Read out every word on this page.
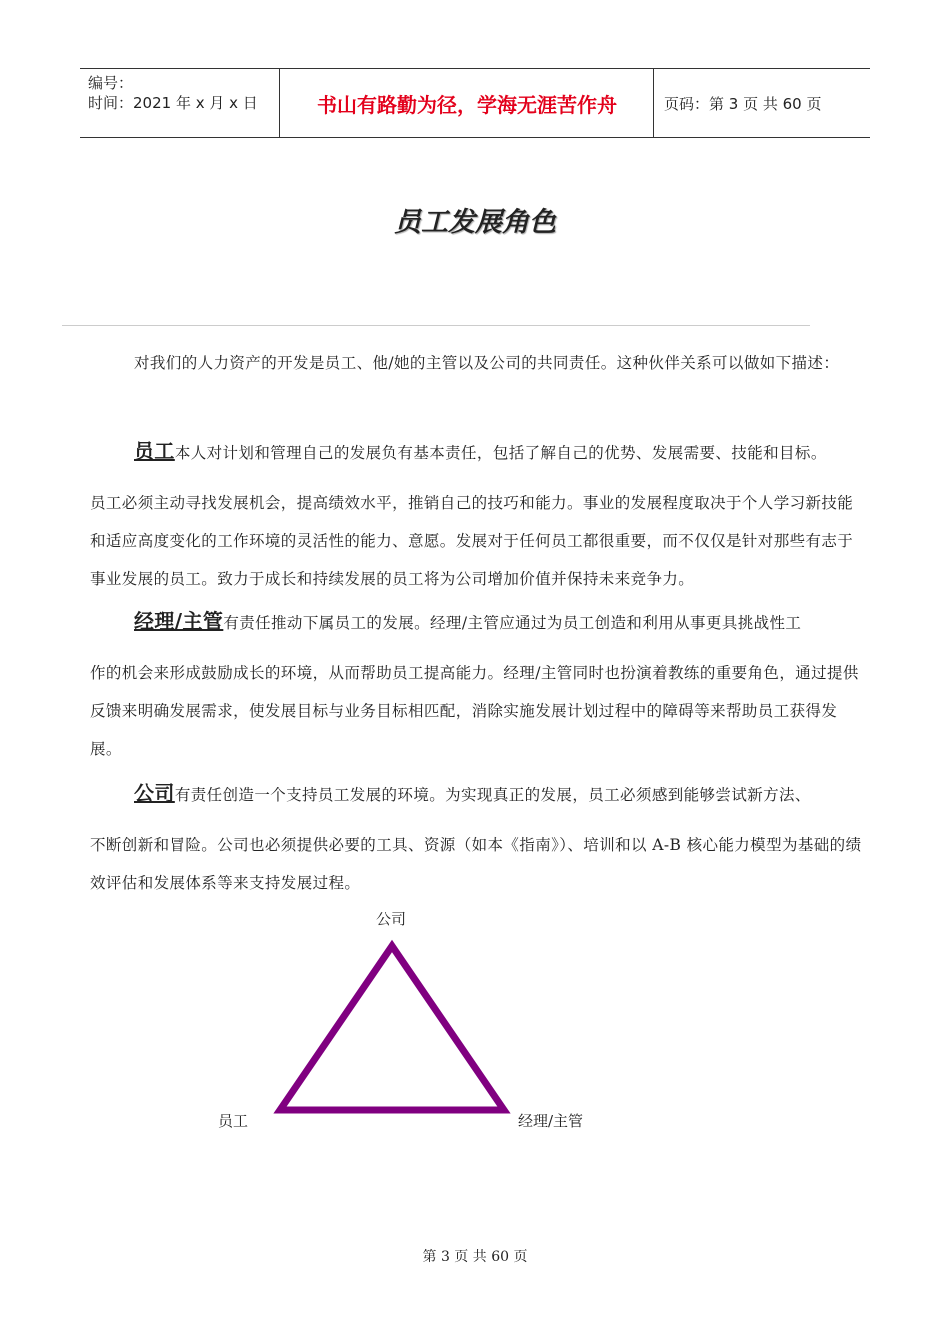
编号：
时间：2021 年 x 月 x 日	书山有路勤为径，学海无涯苦作舟	页码：第 3 页 共 60 页
员工发展角色
对我们的人力资产的开发是员工、他/她的主管以及公司的共同责任。这种伙伴关系可以做如下描述：
员工本人对计划和管理自己的发展负有基本责任，包括了解自己的优势、发展需要、技能和目标。
员工必须主动寻找发展机会，提高绩效水平，推销自己的技巧和能力。事业的发展程度取决于个人学习新技能和适应高度变化的工作环境的灵活性的能力、意愿。发展对于任何员工都很重要，而不仅仅是针对那些有志于事业发展的员工。致力于成长和持续发展的员工将为公司增加价值并保持未来竞争力。
经理/主管有责任推动下属员工的发展。经理/主管应通过为员工创造和利用从事更具挑战性工
作的机会来形成鼓励成长的环境，从而帮助员工提高能力。经理/主管同时也扮演着教练的重要角色，通过提供反馈来明确发展需求，使发展目标与业务目标相匹配，消除实施发展计划过程中的障碍等来帮助员工获得发展。
公司有责任创造一个支持员工发展的环境。为实现真正的发展，员工必须感到能够尝试新方法、
不断创新和冒险。公司也必须提供必要的工具、资源（如本《指南》）、培训和以 A-B 核心能力模型为基础的绩效评估和发展体系等来支持发展过程。
公司
员工	经理/主管
第 3 页 共 60 页
